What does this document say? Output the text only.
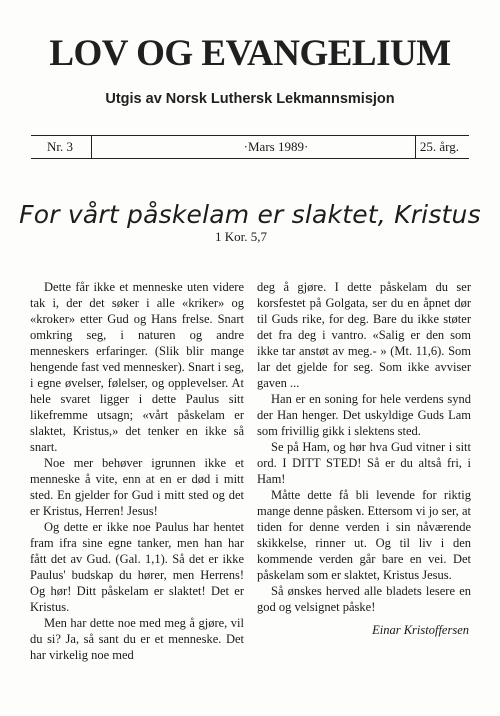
LOV OG EVANGELIUM
Utgis av Norsk Luthersk Lekmannsmisjon
Nr. 3	·Mars 1989·	25. årg.
For vårt påskelam er slaktet, Kristus
1 Kor. 5,7

Dette får ikke et menneske uten videre tak i, der det søker i alle «kriker» og «kroker» etter Gud og Hans frelse. Snart omkring seg, i naturen og andre menneskers erfaringer. (Slik blir mange hengende fast ved mennesker). Snart i seg, i egne øvelser, følelser, og opplevelser. At hele svaret ligger i dette Paulus sitt likefremme utsagn; «vårt påskelam er slaktet, Kristus,» det tenker en ikke så snart.

Noe mer behøver igrunnen ikke et menneske å vite, enn at en er død i mitt sted. En gjelder for Gud i mitt sted og det er Kristus, Herren! Jesus!

Og dette er ikke noe Paulus har hentet fram ifra sine egne tanker, men han har fått det av Gud. (Gal. 1,1). Så det er ikke Paulus' budskap du hører, men Herrens! Og hør! Ditt påskelam er slaktet! Det er Kristus.

Men har dette noe med meg å gjøre, vil du si? Ja, så sant du er et menneske. Det har virkelig noe med

deg å gjøre. I dette påskelam du ser korsfestet på Golgata, ser du en åpnet dør til Guds rike, for deg. Bare du ikke støter det fra deg i vantro. «Salig er den som ikke tar anstøt av meg.- » (Mt. 11,6). Som lar det gjelde for seg. Som ikke avviser gaven ...

Han er en soning for hele verdens synd der Han henger. Det uskyldige Guds Lam som frivillig gikk i slektens sted.

Se på Ham, og hør hva Gud vitner i sitt ord. I DITT STED! Så er du altså fri, i Ham!

Måtte dette få bli levende for riktig mange denne påsken. Ettersom vi jo ser, at tiden for denne verden i sin nåværende skikkelse, rinner ut. Og til liv i den kommende verden går bare en vei. Det påskelam som er slaktet, Kristus Jesus.

Så ønskes herved alle bladets lesere en god og velsignet påske!

Einar Kristoffersen
